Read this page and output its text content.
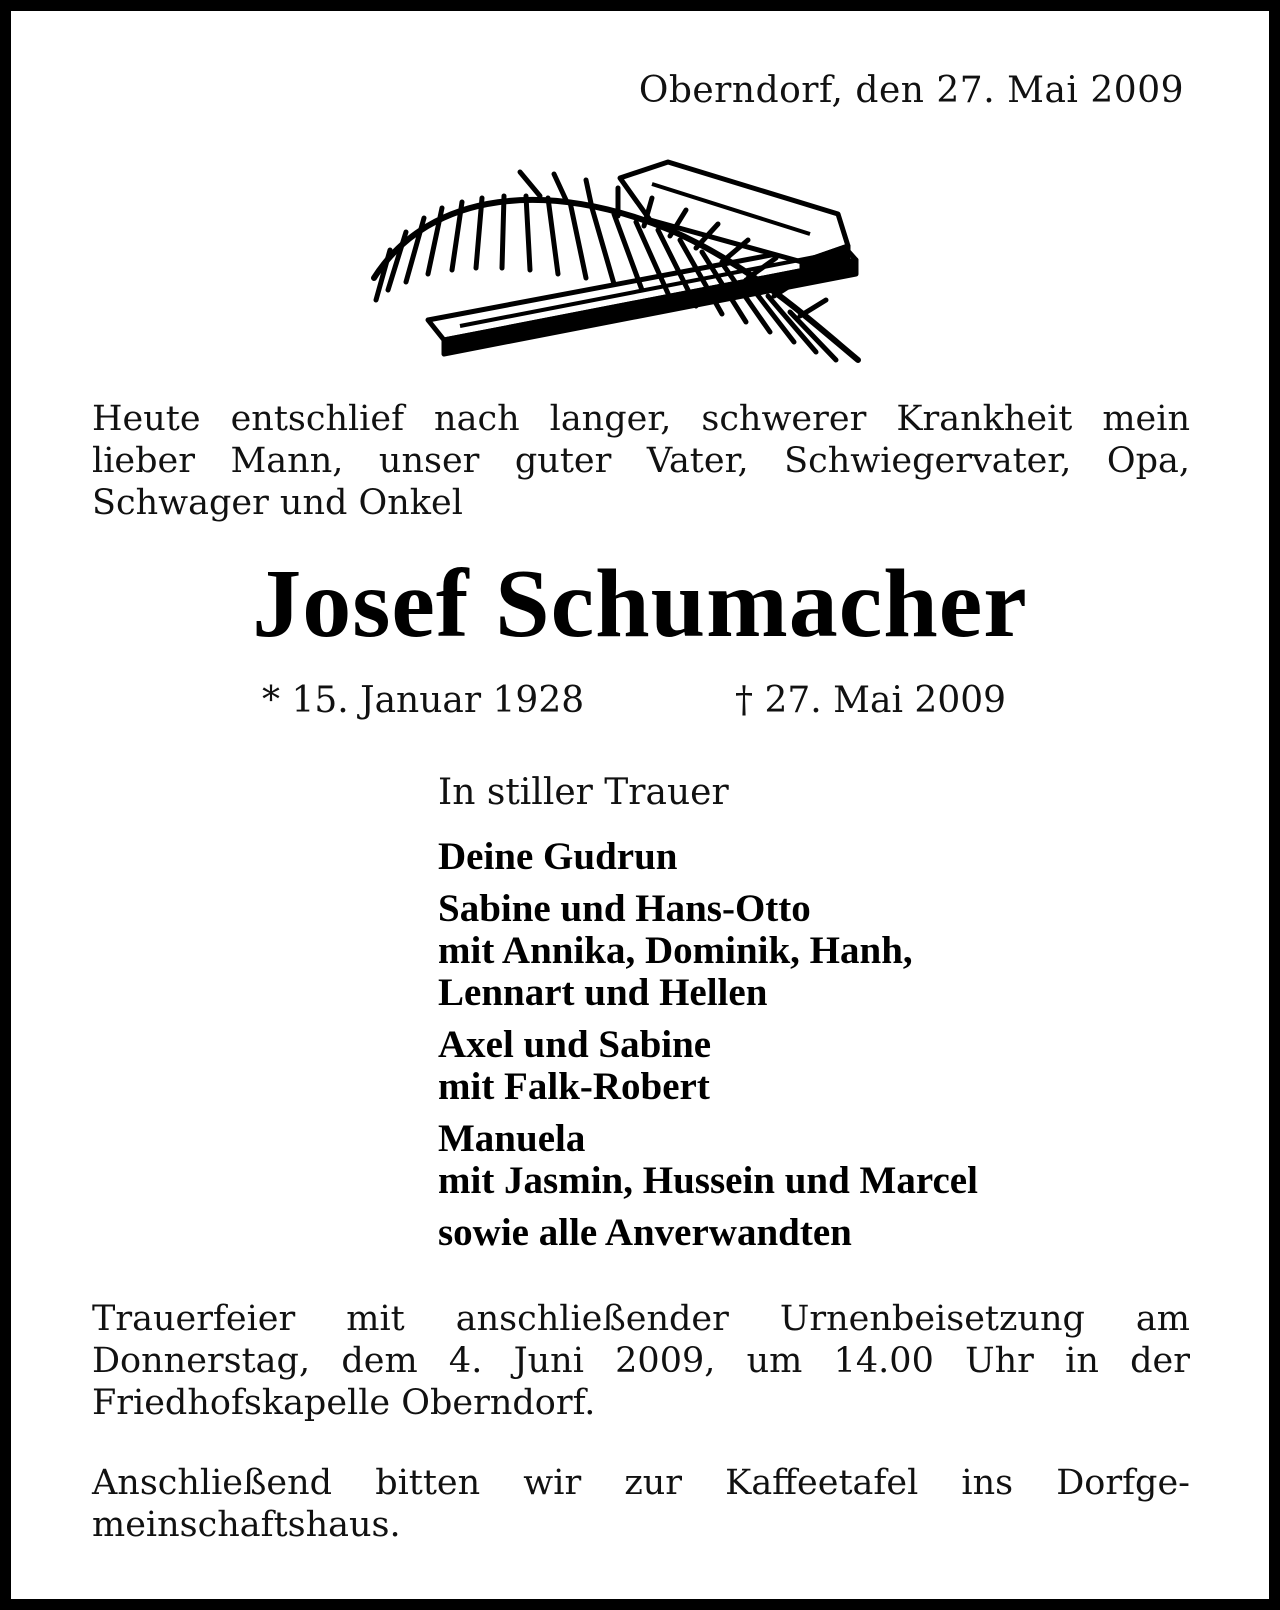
Oberndorf, den 27. Mai 2009
Heute entschlief nach langer, schwerer Krankheit mein
lieber Mann, unser guter Vater, Schwiegervater, Opa,
Schwager und Onkel
Josef Schumacher
* 15. Januar 1928	† 27. Mai 2009
In stiller Trauer
Deine Gudrun
Sabine und Hans-Otto
mit Annika, Dominik, Hanh,
Lennart und Hellen
Axel und Sabine
mit Falk-Robert
Manuela
mit Jasmin, Hussein und Marcel
sowie alle Anverwandten
Trauerfeier mit anschließender Urnenbeisetzung am
Donnerstag, dem 4. Juni 2009, um 14.00 Uhr in der
Friedhofskapelle Oberndorf.
Anschließend bitten wir zur Kaffeetafel ins Dorfge-
meinschaftshaus.
